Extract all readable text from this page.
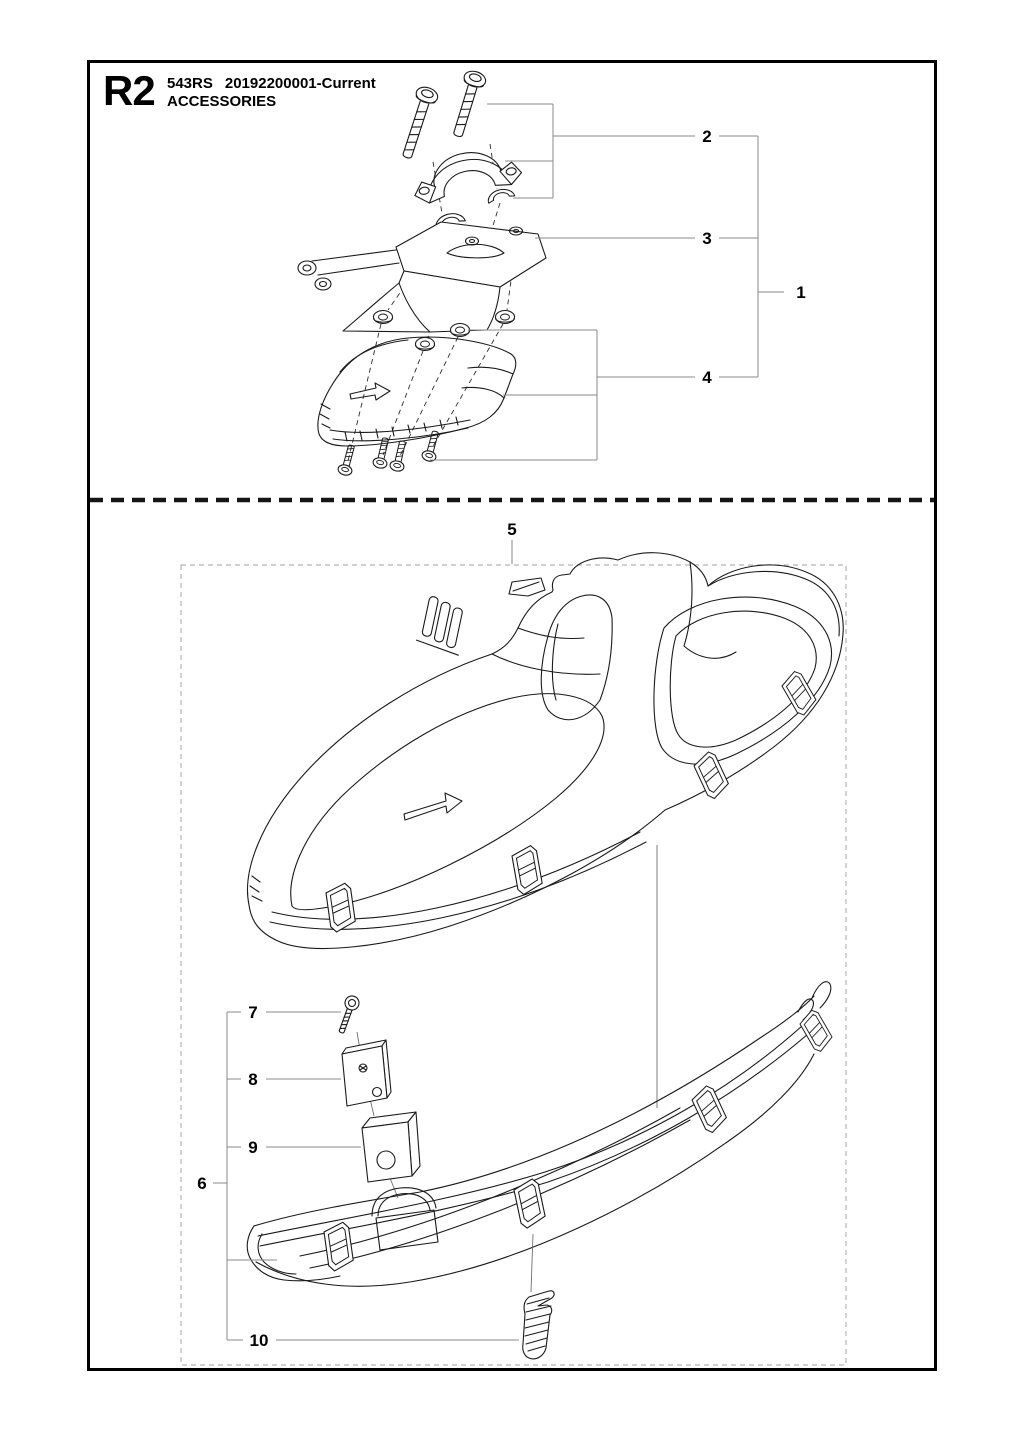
R2 543RS 20192200001-Current
ACCESSORIES
2
3
4
1
5
7
8
9
6
10
